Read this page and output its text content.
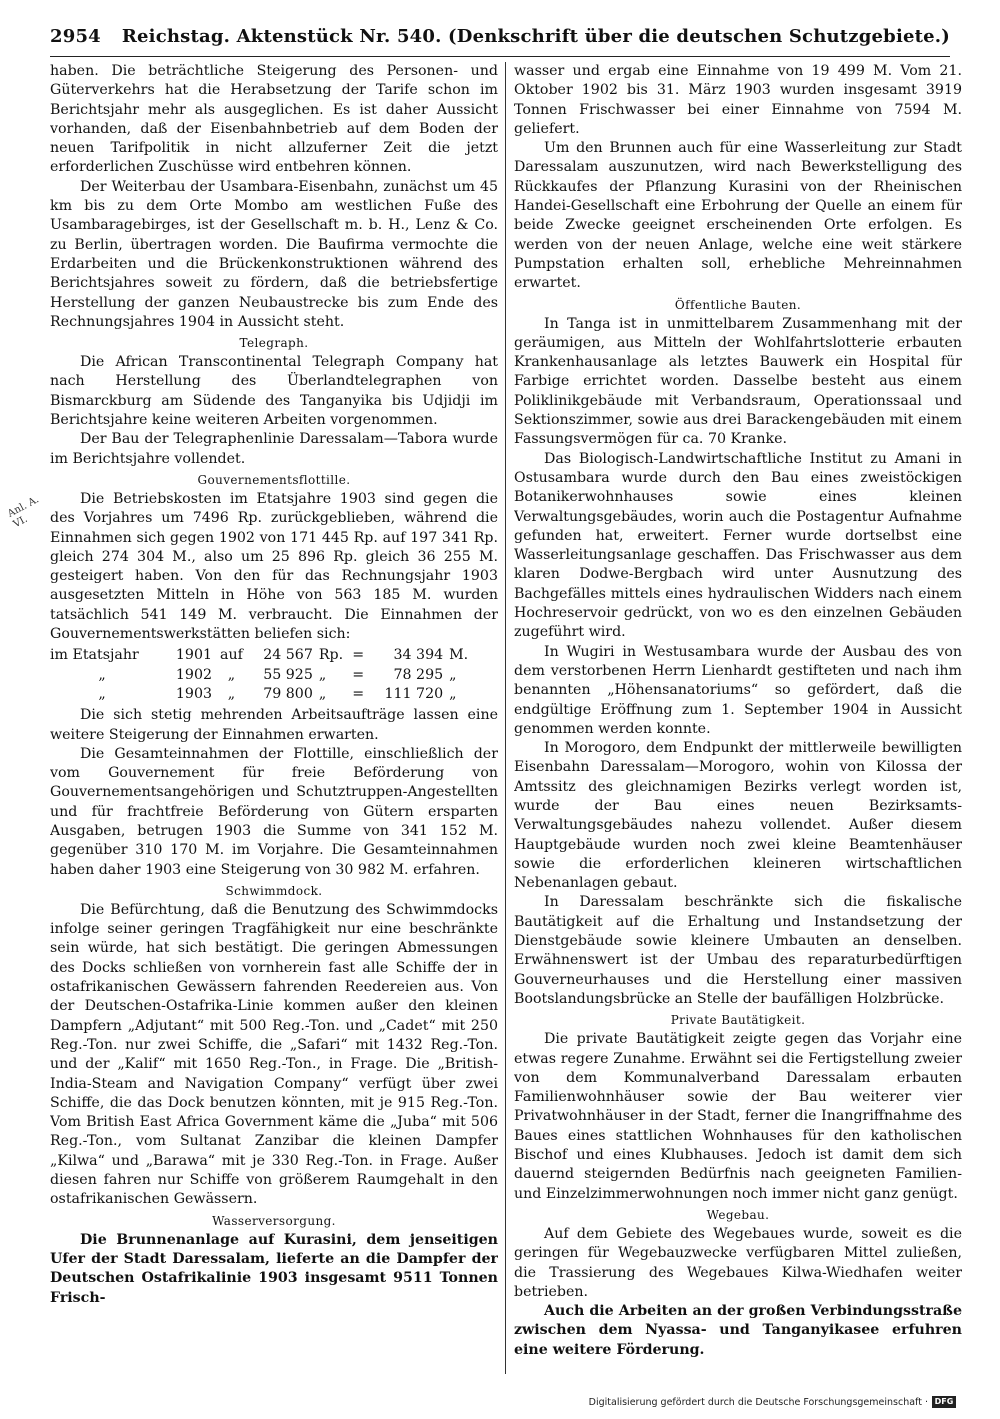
2954	Reichstag. Aktenstück Nr. 540. (Denkschrift über die deutschen Schutzgebiete.)
Anl. A. VI.

haben. Die beträchtliche Steigerung des Personen- und Güterverkehrs hat die Herabsetzung der Tarife schon im Berichtsjahr mehr als ausgeglichen. Es ist daher Aussicht vorhanden, daß der Eisenbahnbetrieb auf dem Boden der neuen Tarifpolitik in nicht allzuferner Zeit die jetzt erforderlichen Zuschüsse wird entbehren können.

Der Weiterbau der Usambara-Eisenbahn, zunächst um 45 km bis zu dem Orte Mombo am westlichen Fuße des Usambaragebirges, ist der Gesellschaft m. b. H., Lenz & Co. zu Berlin, übertragen worden. Die Baufirma vermochte die Erdarbeiten und die Brückenkonstruktionen während des Berichtsjahres soweit zu fördern, daß die betriebsfertige Herstellung der ganzen Neubaustrecke bis zum Ende des Rechnungsjahres 1904 in Aussicht steht.

Telegraph.

Die African Transcontinental Telegraph Company hat nach Herstellung des Überlandtelegraphen von Bismarckburg am Südende des Tanganyika bis Udjidji im Berichtsjahre keine weiteren Arbeiten vorgenommen.

Der Bau der Telegraphenlinie Daressalam—Tabora wurde im Berichtsjahre vollendet.

Gouvernementsflottille.

Die Betriebskosten im Etatsjahre 1903 sind gegen die des Vorjahres um 7496 Rp. zurückgeblieben, während die Einnahmen sich gegen 1902 von 171 445 Rp. auf 197 341 Rp. gleich 274 304 M., also um 25 896 Rp. gleich 36 255 M. gesteigert haben. Von den für das Rechnungsjahr 1903 ausgesetzten Mitteln in Höhe von 563 185 M. wurden tatsächlich 541 149 M. verbraucht. Die Einnahmen der Gouvernementswerkstätten beliefen sich:

im Etatsjahr	1901	auf	24 567	Rp.	=	34 394	M.
„	1902	„	55 925	„	=	78 295	„
„	1903	„	79 800	„	=	111 720	„

Die sich stetig mehrenden Arbeitsaufträge lassen eine weitere Steigerung der Einnahmen erwarten.

Die Gesamteinnahmen der Flottille, einschließlich der vom Gouvernement für freie Beförderung von Gouvernementsangehörigen und Schutztruppen-Angestellten und für frachtfreie Beförderung von Gütern ersparten Ausgaben, betrugen 1903 die Summe von 341 152 M. gegenüber 310 170 M. im Vorjahre. Die Gesamteinnahmen haben daher 1903 eine Steigerung von 30 982 M. erfahren.

Schwimmdock.

Die Befürchtung, daß die Benutzung des Schwimmdocks infolge seiner geringen Tragfähigkeit nur eine beschränkte sein würde, hat sich bestätigt. Die geringen Abmessungen des Docks schließen von vornherein fast alle Schiffe der in ostafrikanischen Gewässern fahrenden Reedereien aus. Von der Deutschen-Ostafrika-Linie kommen außer den kleinen Dampfern „Adjutant“ mit 500 Reg.-Ton. und „Cadet“ mit 250 Reg.-Ton. nur zwei Schiffe, die „Safari“ mit 1432 Reg.-Ton. und der „Kalif“ mit 1650 Reg.-Ton., in Frage. Die „British-India-Steam and Navigation Company“ verfügt über zwei Schiffe, die das Dock benutzen könnten, mit je 915 Reg.-Ton. Vom British East Africa Government käme die „Juba“ mit 506 Reg.-Ton., vom Sultanat Zanzibar die kleinen Dampfer „Kilwa“ und „Barawa“ mit je 330 Reg.-Ton. in Frage. Außer diesen fahren nur Schiffe von größerem Raumgehalt in den ostafrikanischen Gewässern.

Wasserversorgung.

Die Brunnenanlage auf Kurasini, dem jenseitigen Ufer der Stadt Daressalam, lieferte an die Dampfer der Deutschen Ostafrikalinie 1903 insgesamt 9511 Tonnen Frisch-

wasser und ergab eine Einnahme von 19 499 M. Vom 21. Oktober 1902 bis 31. März 1903 wurden insgesamt 3919 Tonnen Frischwasser bei einer Einnahme von 7594 M. geliefert.

Um den Brunnen auch für eine Wasserleitung zur Stadt Daressalam auszunutzen, wird nach Bewerkstelligung des Rückkaufes der Pflanzung Kurasini von der Rheinischen Handei-Gesellschaft eine Erbohrung der Quelle an einem für beide Zwecke geeignet erscheinenden Orte erfolgen. Es werden von der neuen Anlage, welche eine weit stärkere Pumpstation erhalten soll, erhebliche Mehreinnahmen erwartet.

Öffentliche Bauten.

In Tanga ist in unmittelbarem Zusammenhang mit der geräumigen, aus Mitteln der Wohlfahrtslotterie erbauten Krankenhausanlage als letztes Bauwerk ein Hospital für Farbige errichtet worden. Dasselbe besteht aus einem Poliklinikgebäude mit Verbandsraum, Operationssaal und Sektionszimmer, sowie aus drei Barackengebäuden mit einem Fassungsvermögen für ca. 70 Kranke.

Das Biologisch-Landwirtschaftliche Institut zu Amani in Ostusambara wurde durch den Bau eines zweistöckigen Botanikerwohnhauses sowie eines kleinen Verwaltungsgebäudes, worin auch die Postagentur Aufnahme gefunden hat, erweitert. Ferner wurde dortselbst eine Wasserleitungsanlage geschaffen. Das Frischwasser aus dem klaren Dodwe-Bergbach wird unter Ausnutzung des Bachgefälles mittels eines hydraulischen Widders nach einem Hochreservoir gedrückt, von wo es den einzelnen Gebäuden zugeführt wird.

In Wugiri in Westusambara wurde der Ausbau des von dem verstorbenen Herrn Lienhardt gestifteten und nach ihm benannten „Höhensanatoriums“ so gefördert, daß die endgültige Eröffnung zum 1. September 1904 in Aussicht genommen werden konnte.

In Morogoro, dem Endpunkt der mittlerweile bewilligten Eisenbahn Daressalam—Morogoro, wohin von Kilossa der Amtssitz des gleichnamigen Bezirks verlegt worden ist, wurde der Bau eines neuen Bezirksamts-Verwaltungsgebäudes nahezu vollendet. Außer diesem Hauptgebäude wurden noch zwei kleine Beamtenhäuser sowie die erforderlichen kleineren wirtschaftlichen Nebenanlagen gebaut.

In Daressalam beschränkte sich die fiskalische Bautätigkeit auf die Erhaltung und Instandsetzung der Dienstgebäude sowie kleinere Umbauten an denselben. Erwähnenswert ist der Umbau des reparaturbedürftigen Gouverneurhauses und die Herstellung einer massiven Bootslandungsbrücke an Stelle der baufälligen Holzbrücke.

Private Bautätigkeit.

Die private Bautätigkeit zeigte gegen das Vorjahr eine etwas regere Zunahme. Erwähnt sei die Fertigstellung zweier von dem Kommunalverband Daressalam erbauten Familienwohnhäuser sowie der Bau weiterer vier Privatwohnhäuser in der Stadt, ferner die Inangriffnahme des Baues eines stattlichen Wohnhauses für den katholischen Bischof und eines Klubhauses. Jedoch ist damit dem sich dauernd steigernden Bedürfnis nach geeigneten Familien- und Einzelzimmerwohnungen noch immer nicht ganz genügt.

Wegebau.

Auf dem Gebiete des Wegebaues wurde, soweit es die geringen für Wegebauzwecke verfügbaren Mittel zuließen, die Trassierung des Wegebaues Kilwa-Wiedhafen weiter betrieben.

Auch die Arbeiten an der großen Verbindungsstraße zwischen dem Nyassa- und Tanganyikasee erfuhren eine weitere Förderung.

Digitalisierung gefördert durch die Deutsche Forschungsgemeinschaft · DFG
